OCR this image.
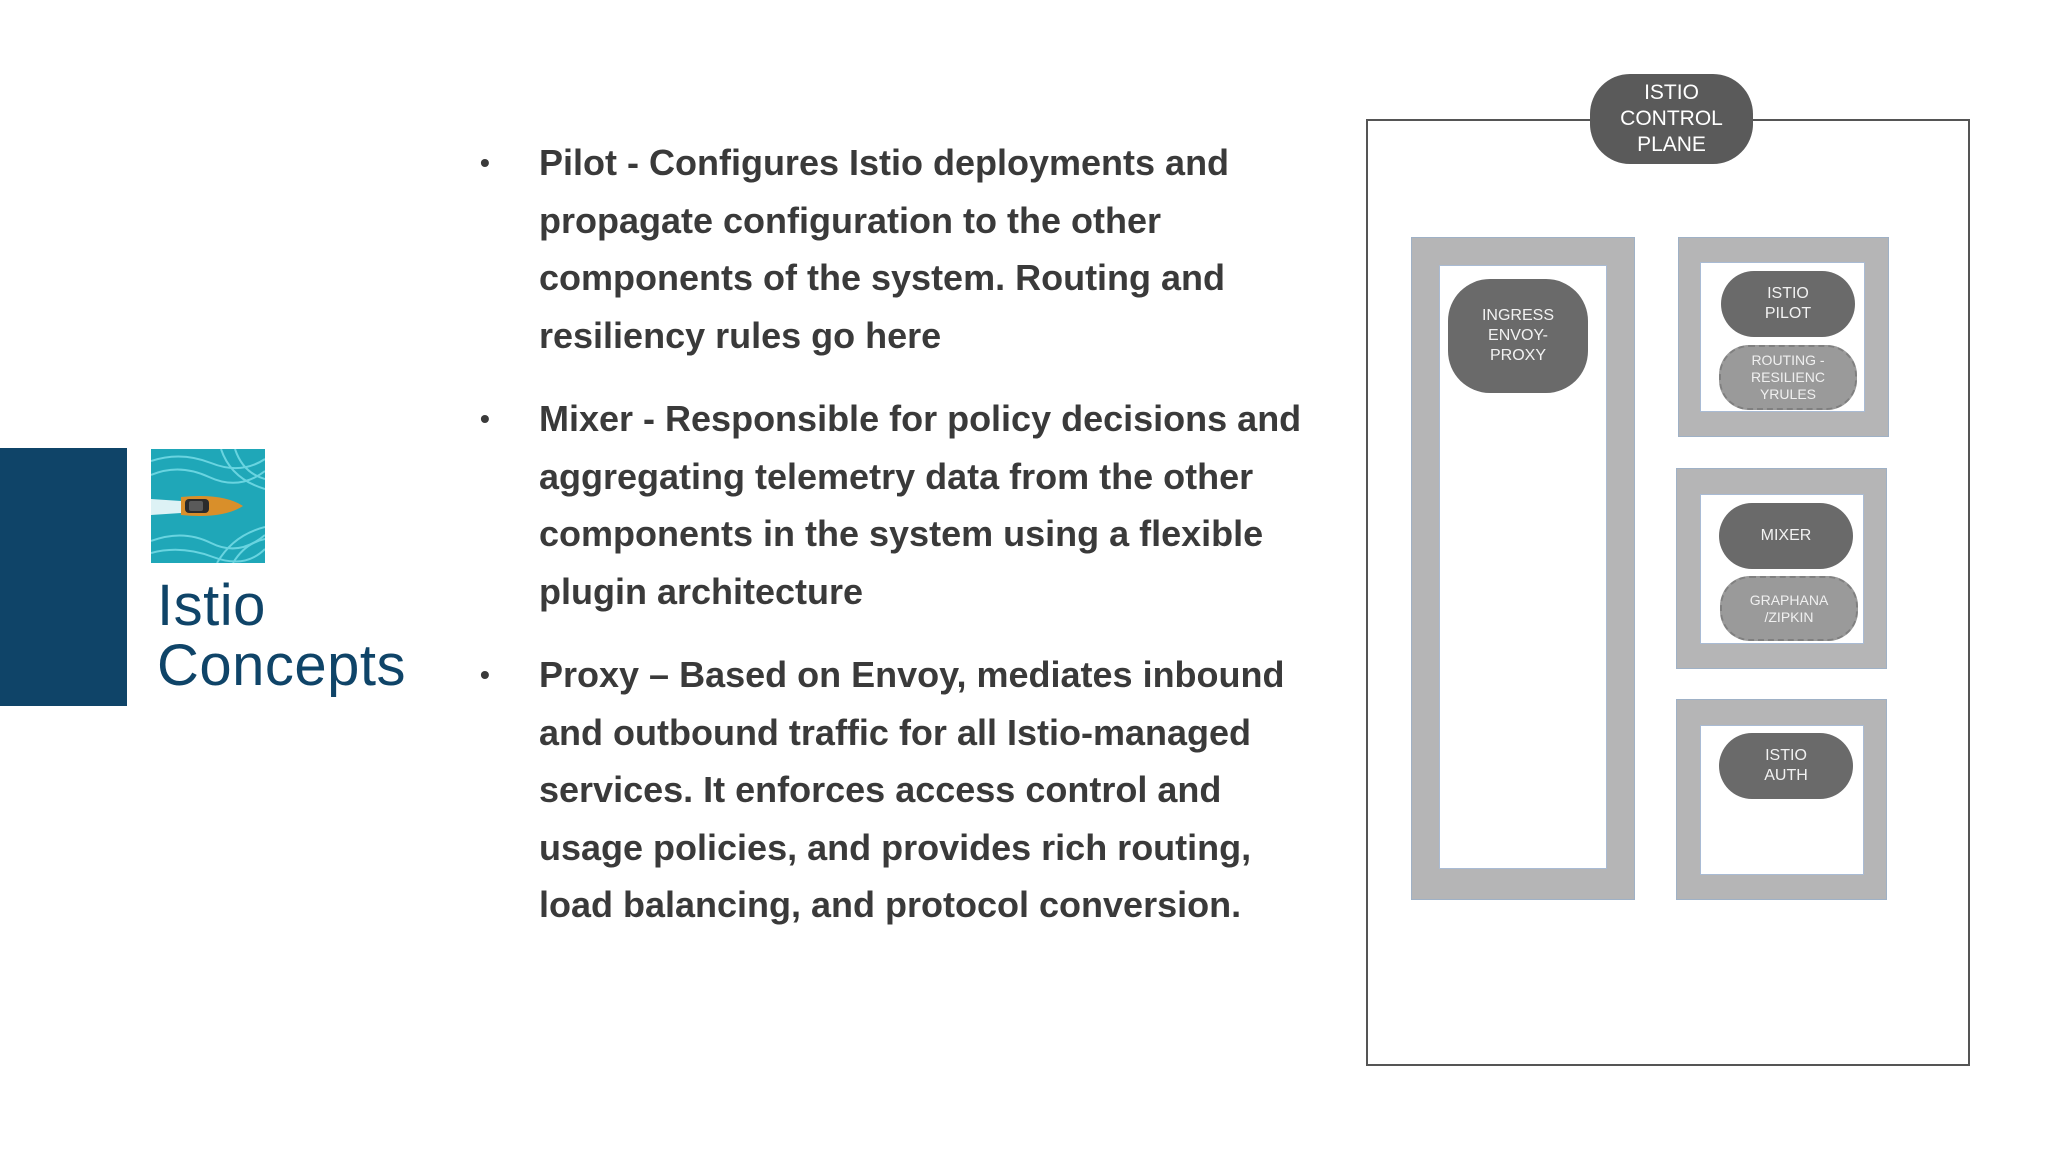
Istio
Concepts
• Pilot - Configures Istio deployments and propagate configuration to the other components of the system. Routing and resiliency rules go here
• Mixer - Responsible for policy decisions and aggregating telemetry data from the other components in the system using a flexible plugin architecture
• Proxy – Based on Envoy, mediates inbound and outbound traffic for all Istio-managed services. It enforces access control and usage policies, and provides rich routing, load balancing, and protocol conversion.
ISTIO
CONTROL
PLANE
INGRESS
ENVOY-
PROXY
ISTIO
PILOT
ROUTING -
RESILIENC
YRULES
MIXER
GRAPHANA
/ZIPKIN
ISTIO
AUTH
